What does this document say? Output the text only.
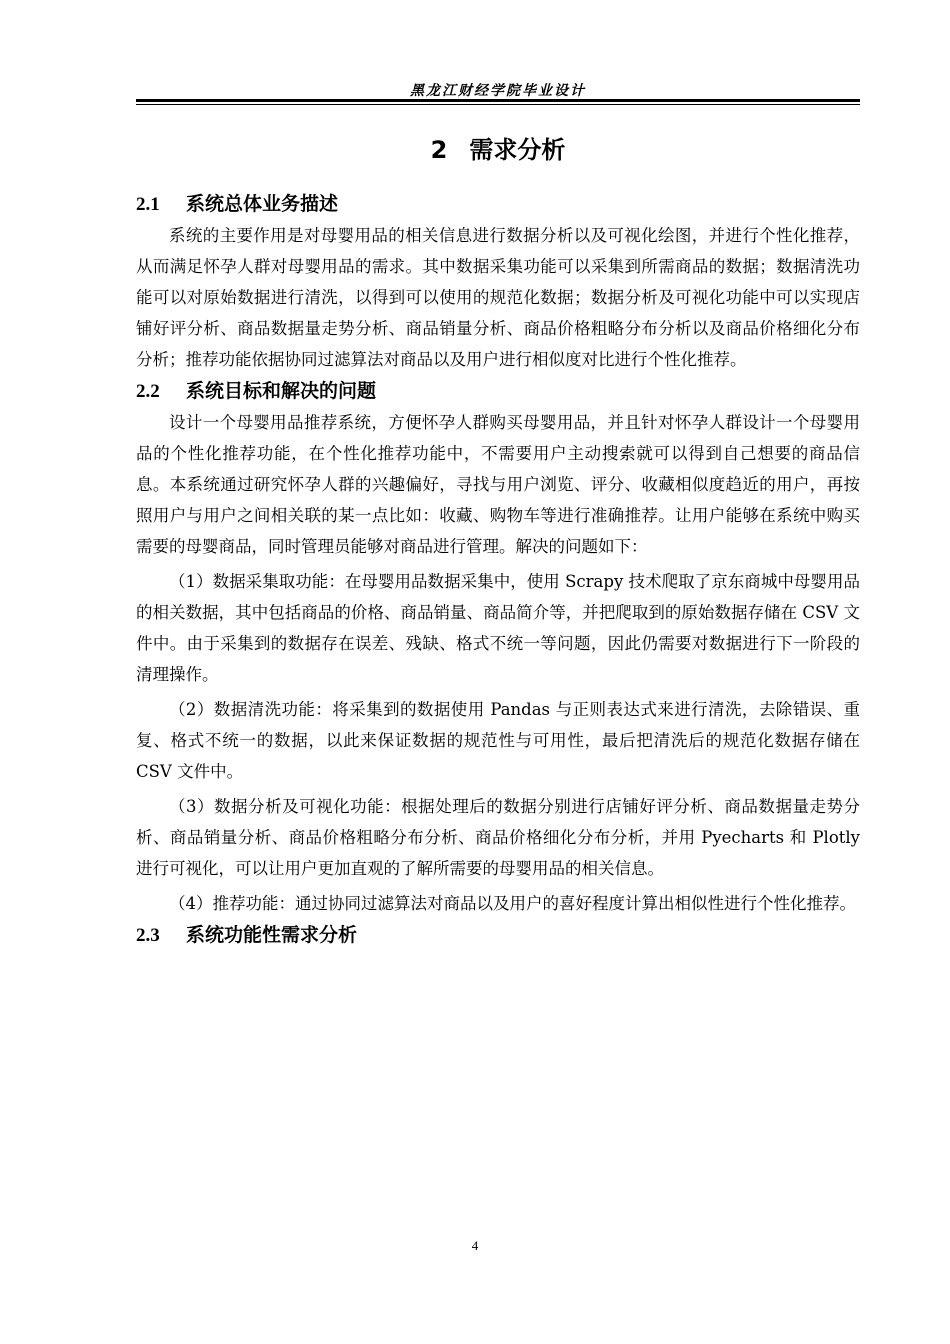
黑龙江财经学院毕业设计
2 需求分析
2.1 系统总体业务描述

系统的主要作用是对母婴用品的相关信息进行数据分析以及可视化绘图，并进行个性化推荐，从而满足怀孕人群对母婴用品的需求。其中数据采集功能可以采集到所需商品的数据；数据清洗功能可以对原始数据进行清洗，以得到可以使用的规范化数据；数据分析及可视化功能中可以实现店铺好评分析、商品数据量走势分析、商品销量分析、商品价格粗略分布分析以及商品价格细化分布分析；推荐功能依据协同过滤算法对商品以及用户进行相似度对比进行个性化推荐。

2.2 系统目标和解决的问题

设计一个母婴用品推荐系统，方便怀孕人群购买母婴用品，并且针对怀孕人群设计一个母婴用品的个性化推荐功能，在个性化推荐功能中，不需要用户主动搜索就可以得到自己想要的商品信息。本系统通过研究怀孕人群的兴趣偏好，寻找与用户浏览、评分、收藏相似度趋近的用户，再按照用户与用户之间相关联的某一点比如：收藏、购物车等进行准确推荐。让用户能够在系统中购买需要的母婴商品，同时管理员能够对商品进行管理。解决的问题如下：

（1）数据采集取功能：在母婴用品数据采集中，使用 Scrapy 技术爬取了京东商城中母婴用品的相关数据，其中包括商品的价格、商品销量、商品简介等，并把爬取到的原始数据存储在 CSV 文件中。由于采集到的数据存在误差、残缺、格式不统一等问题，因此仍需要对数据进行下一阶段的清理操作。

（2）数据清洗功能：将采集到的数据使用 Pandas 与正则表达式来进行清洗，去除错误、重复、格式不统一的数据，以此来保证数据的规范性与可用性，最后把清洗后的规范化数据存储在 CSV 文件中。

（3）数据分析及可视化功能：根据处理后的数据分别进行店铺好评分析、商品数据量走势分析、商品销量分析、商品价格粗略分布分析、商品价格细化分布分析，并用 Pyecharts 和 Plotly 进行可视化，可以让用户更加直观的了解所需要的母婴用品的相关信息。

（4）推荐功能：通过协同过滤算法对商品以及用户的喜好程度计算出相似性进行个性化推荐。

2.3 系统功能性需求分析
4
